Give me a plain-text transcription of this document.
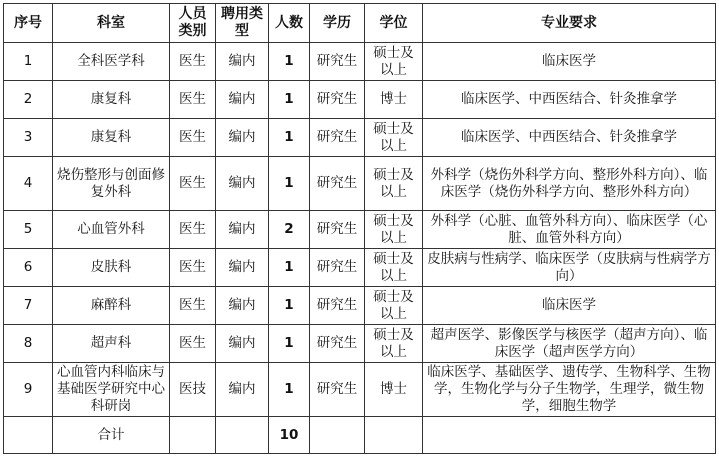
序号	科室	人员类别	聘用类型	人数	学历	学位	专业要求
1	全科医学科	医生	编内	1	研究生	硕士及以上	临床医学
2	康复科	医生	编内	1	研究生	博士	临床医学、中西医结合、针灸推拿学
3	康复科	医生	编内	1	研究生	硕士及以上	临床医学、中西医结合、针灸推拿学
4	烧伤整形与创面修复外科	医生	编内	1	研究生	硕士及以上	外科学（烧伤外科学方向、整形外科方向）、临床医学（烧伤外科学方向、整形外科方向）
5	心血管外科	医生	编内	2	研究生	硕士及以上	外科学（心脏、血管外科方向）、临床医学（心脏、血管外科方向）
6	皮肤科	医生	编内	1	研究生	硕士及以上	皮肤病与性病学、临床医学（皮肤病与性病学方向）
7	麻醉科	医生	编内	1	研究生	硕士及以上	临床医学
8	超声科	医生	编内	1	研究生	硕士及以上	超声医学、影像医学与核医学（超声方向）、临床医学（超声医学方向）
9	心血管内科临床与基础医学研究中心科研岗	医技	编内	1	研究生	博士	临床医学、基础医学、遗传学、生物科学、生物学，生物化学与分子生物学，生理学，微生物学，细胞生物学
	合计			10			
